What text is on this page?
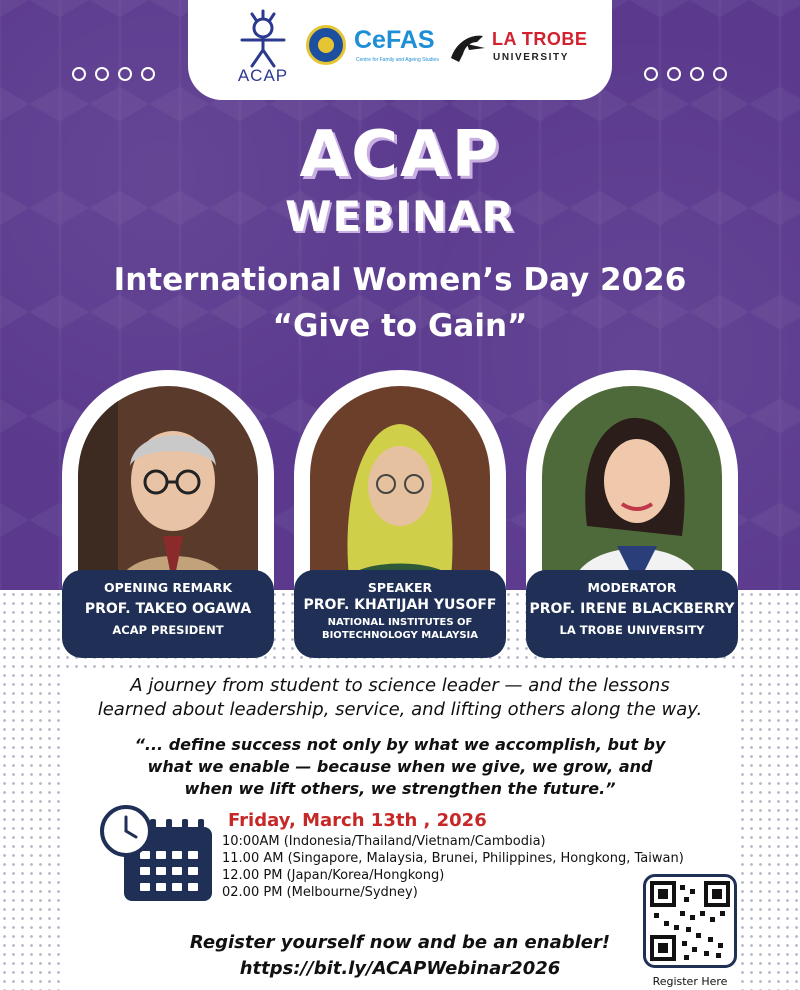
ACAP
CeFAS
Centre for Family and Ageing Studies
LA TROBE
UNIVERSITY
ACAP
WEBINAR
International Women’s Day 2026
“Give to Gain”
OPENING REMARK
PROF. TAKEO OGAWA
ACAP PRESIDENT
SPEAKER
PROF. KHATIJAH YUSOFF
NATIONAL INSTITUTES OF
BIOTECHNOLOGY MALAYSIA
MODERATOR
PROF. IRENE BLACKBERRY
LA TROBE UNIVERSITY
A journey from student to science leader — and the lessons
learned about leadership, service, and lifting others along the way.
“... define success not only by what we accomplish, but by
what we enable — because when we give, we grow, and
when we lift others, we strengthen the future.”
Friday, March 13th , 2026
10:00AM (Indonesia/Thailand/Vietnam/Cambodia)
11.00 AM (Singapore, Malaysia, Brunei, Philippines, Hongkong, Taiwan)
12.00 PM (Japan/Korea/Hongkong)
02.00 PM (Melbourne/Sydney)
Register yourself now and be an enabler!
https://bit.ly/ACAPWebinar2026
Register Here
